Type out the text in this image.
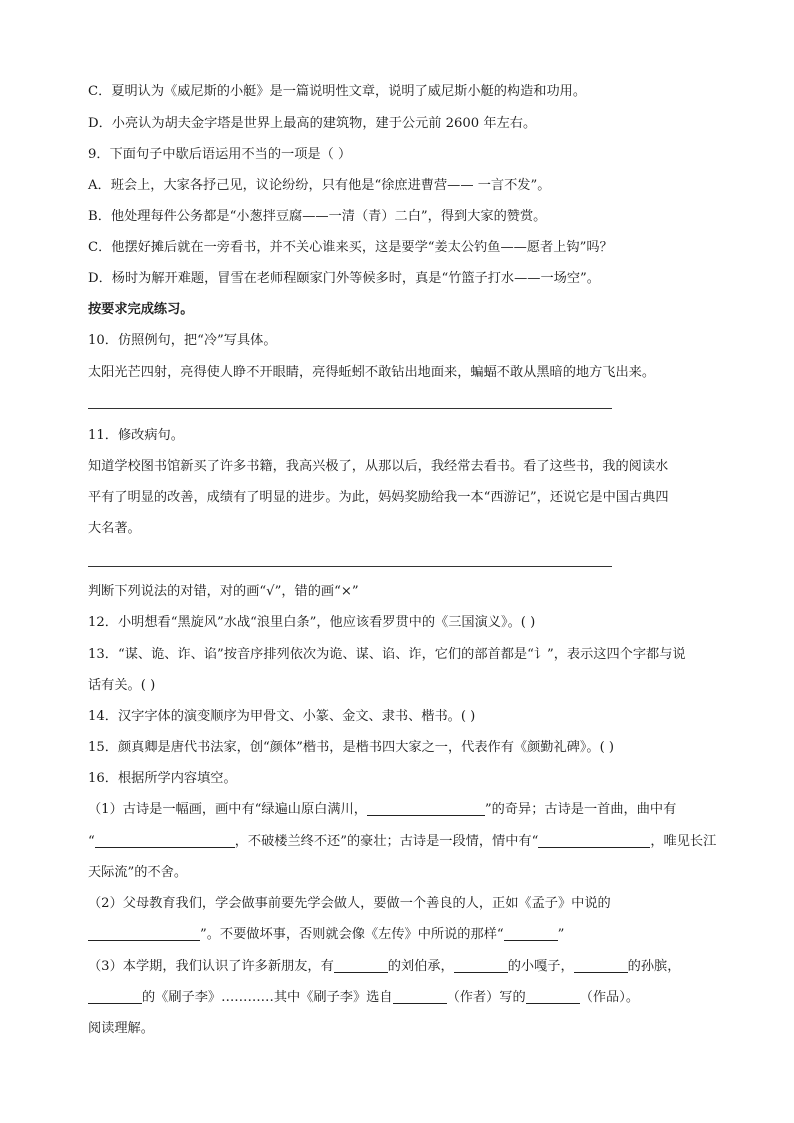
C．夏明认为《威尼斯的小艇》是一篇说明性文章，说明了威尼斯小艇的构造和功用。
D．小亮认为胡夫金字塔是世界上最高的建筑物，建于公元前 2600 年左右。
9．下面句子中歇后语运用不当的一项是（ ）
A．班会上，大家各抒己见，议论纷纷，只有他是“徐庶进曹营—— 一言不发”。
B．他处理每件公务都是“小葱拌豆腐——一清（青）二白”，得到大家的赞赏。
C．他摆好摊后就在一旁看书，并不关心谁来买，这是要学“姜太公钓鱼——愿者上钩”吗？
D．杨时为解开难题，冒雪在老师程颐家门外等候多时，真是“竹篮子打水——一场空”。
按要求完成练习。
10．仿照例句，把“冷”写具体。
太阳光芒四射，亮得使人睁不开眼睛，亮得蚯蚓不敢钻出地面来，蝙蝠不敢从黑暗的地方飞出来。
11．修改病句。
知道学校图书馆新买了许多书籍，我高兴极了，从那以后，我经常去看书。看了这些书，我的阅读水
平有了明显的改善，成绩有了明显的进步。为此，妈妈奖励给我一本“西游记”，还说它是中国古典四
大名著。
判断下列说法的对错，对的画“√”，错的画“×”
12．小明想看“黑旋风”水战“浪里白条”，他应该看罗贯中的《三国演义》。( )
13．“谋、诡、诈、谄”按音序排列依次为诡、谋、谄、诈，它们的部首都是“讠”，表示这四个字都与说
话有关。( )
14．汉字字体的演变顺序为甲骨文、小篆、金文、隶书、楷书。( )
15．颜真卿是唐代书法家，创“颜体”楷书，是楷书四大家之一，代表作有《颜勤礼碑》。( )
16．根据所学内容填空。
（1）古诗是一幅画，画中有“绿遍山原白满川，	”的奇异；古诗是一首曲，曲中有
“	，不破楼兰终不还”的豪壮；古诗是一段情，情中有“	，唯见长江
天际流”的不舍。
（2）父母教育我们，学会做事前要先学会做人，要做一个善良的人，正如《孟子》中说的
”。不要做坏事，否则就会像《左传》中所说的那样“	”
（3）本学期，我们认识了许多新朋友，有	的刘伯承，	的小嘎子，	的孙膑，
的《刷子李》…………其中《刷子李》选自	（作者）写的	（作品）。
阅读理解。
